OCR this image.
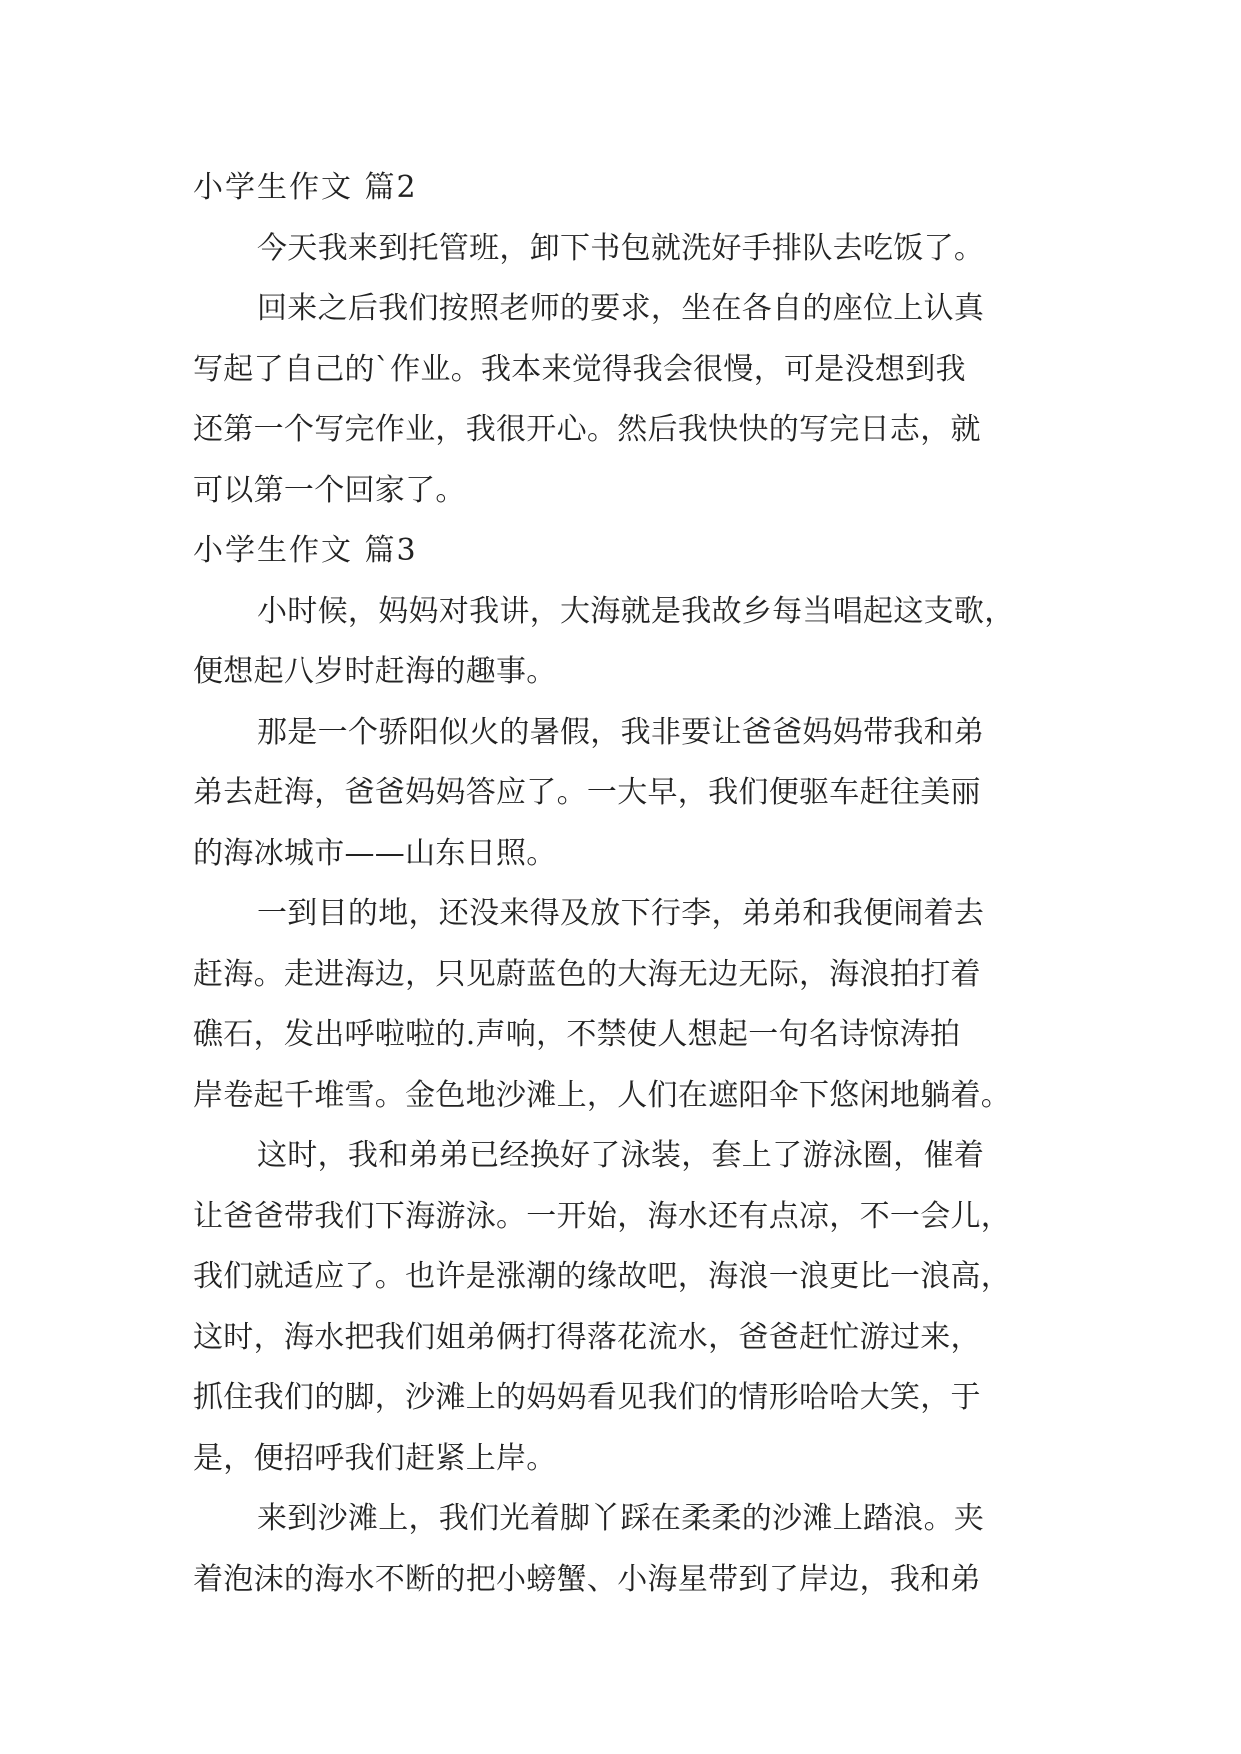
小学生作文 篇2
今天我来到托管班，卸下书包就洗好手排队去吃饭了。
回来之后我们按照老师的要求，坐在各自的座位上认真
写起了自己的`作业。我本来觉得我会很慢，可是没想到我
还第一个写完作业，我很开心。然后我快快的写完日志，就
可以第一个回家了。
小学生作文 篇3
小时候，妈妈对我讲，大海就是我故乡每当唱起这支歌，
便想起八岁时赶海的趣事。
那是一个骄阳似火的暑假，我非要让爸爸妈妈带我和弟
弟去赶海，爸爸妈妈答应了。一大早，我们便驱车赶往美丽
的海冰城市——山东日照。
一到目的地，还没来得及放下行李，弟弟和我便闹着去
赶海。走进海边，只见蔚蓝色的大海无边无际，海浪拍打着
礁石，发出呼啦啦的.声响，不禁使人想起一句名诗惊涛拍
岸卷起千堆雪。金色地沙滩上，人们在遮阳伞下悠闲地躺着。
这时，我和弟弟已经换好了泳装，套上了游泳圈，催着
让爸爸带我们下海游泳。一开始，海水还有点凉，不一会儿，
我们就适应了。也许是涨潮的缘故吧，海浪一浪更比一浪高，
这时，海水把我们姐弟俩打得落花流水，爸爸赶忙游过来，
抓住我们的脚，沙滩上的妈妈看见我们的情形哈哈大笑，于
是，便招呼我们赶紧上岸。
来到沙滩上，我们光着脚丫踩在柔柔的沙滩上踏浪。夹
着泡沫的海水不断的把小螃蟹、小海星带到了岸边，我和弟
